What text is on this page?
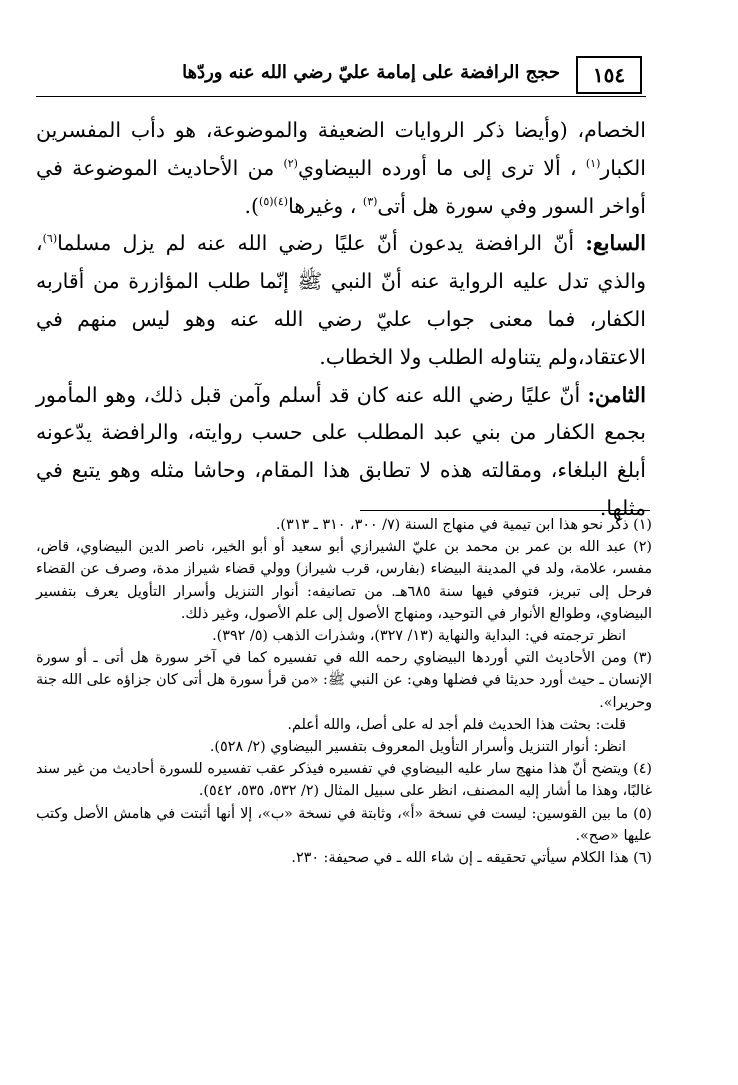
١٥٤
حجج الرافضة على إمامة عليّ رضي الله عنه وردّها

الخصام، (وأيضا ذكر الروايات الضعيفة والموضوعة، هو دأب المفسرين الكبار$^{(١)}$ ، ألا ترى إلى ما أورده البيضاوي$^{(٢)}$ من الأحاديث الموضوعة في أواخر السور وفي سورة هل أتى$^{(٣)}$ ، وغيرها$^{(٤)(٥)}$).

السابع: أنّ الرافضة يدعون أنّ عليًا رضي الله عنه لم يزل مسلما$^{(٦)}$، والذي تدل عليه الرواية عنه أنّ النبي ﷺ إنّما طلب المؤازرة من أقاربه الكفار، فما معنى جواب عليّ رضي الله عنه وهو ليس منهم في الاعتقاد،ولم يتناوله الطلب ولا الخطاب.

الثامن: أنّ عليًا رضي الله عنه كان قد أسلم وآمن قبل ذلك، وهو المأمور بجمع الكفار من بني عبد المطلب على حسب روايته، والرافضة يدّعونه أبلغ البلغاء، ومقالته هذه لا تطابق هذا المقام، وحاشا مثله وهو يتبع في مثلها.

(١) ذكر نحو هذا ابن تيمية في منهاج السنة (٧/ ٣٠٠، ٣١٠ ـ ٣١٣).

(٢) عبد الله بن عمر بن محمد بن عليّ الشيرازي أبو سعيد أو أبو الخير، ناصر الدين البيضاوي، قاض، مفسر، علامة، ولد في المدينة البيضاء (بفارس، قرب شيراز) وولي قضاء شيراز مدة، وصرف عن القضاء فرحل إلى تبريز، فتوفي فيها سنة ٦٨٥هـ. من تصانيفه: أنوار التنزيل وأسرار التأويل يعرف بتفسير البيضاوي، وطوالع الأنوار في التوحيد، ومنهاج الأصول إلى علم الأصول، وغير ذلك.

انظر ترجمته في: البداية والنهاية (١٣/ ٣٢٧)، وشذرات الذهب (٥/ ٣٩٢).

(٣) ومن الأحاديث التي أوردها البيضاوي رحمه الله في تفسيره كما في آخر سورة هل أتى ـ أو سورة الإنسان ـ حيث أورد حديثا في فضلها وهي: عن النبي ﷺ: «من قرأ سورة هل أتى كان جزاؤه على الله جنة وحريرا».

قلت: بحثت هذا الحديث فلم أجد له على أصل، والله أعلم.

انظر: أنوار التنزيل وأسرار التأويل المعروف بتفسير البيضاوي (٢/ ٥٢٨).

(٤) ويتضح أنّ هذا منهج سار عليه البيضاوي في تفسيره فيذكر عقب تفسيره للسورة أحاديث من غير سند غالبًا، وهذا ما أشار إليه المصنف، انظر على سبيل المثال (٢/ ٥٣٢، ٥٣٥، ٥٤٢).

(٥) ما بين القوسين: ليست في نسخة «أ»، وثابتة في نسخة «ب»، إلا أنها أثبتت في هامش الأصل وكتب عليها «صح».

(٦) هذا الكلام سيأتي تحقيقه ـ إن شاء الله ـ في صحيفة: ٢٣٠.
